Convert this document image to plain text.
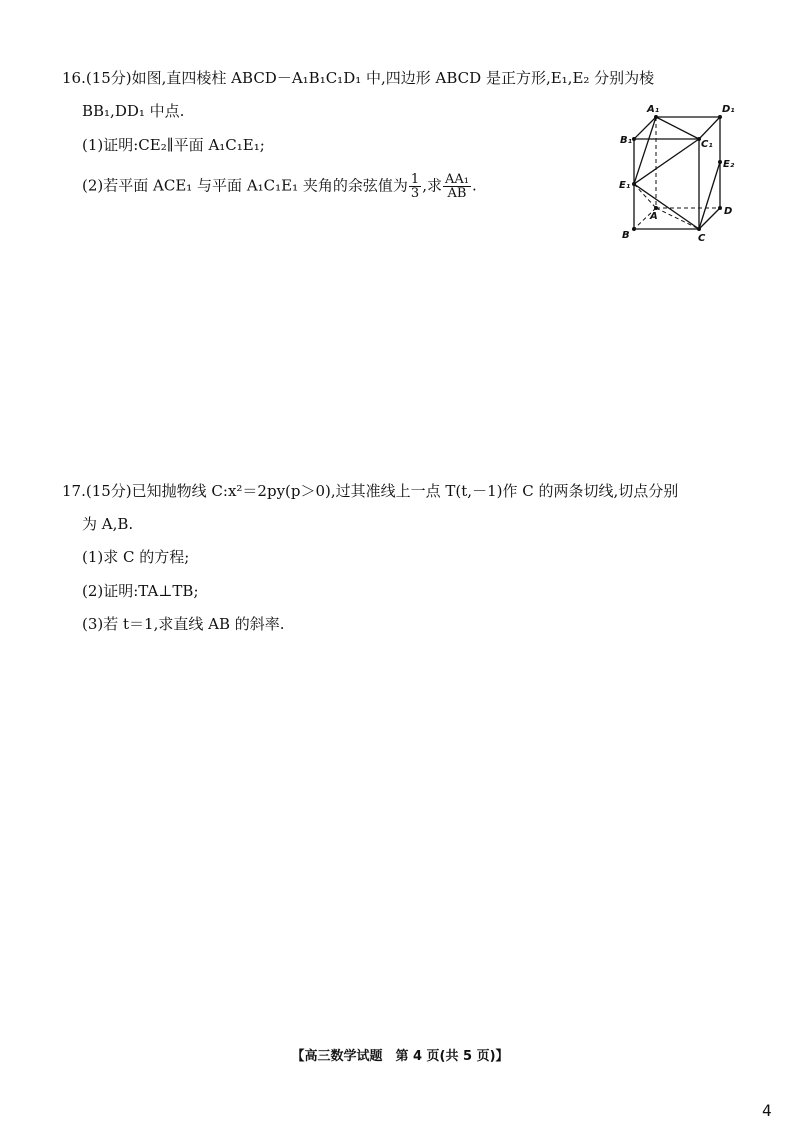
16.(15分)如图,直四棱柱 ABCD－A₁B₁C₁D₁ 中,四边形 ABCD 是正方形,E₁,E₂ 分别为棱
BB₁,DD₁ 中点.
(1)证明:CE₂∥平面 A₁C₁E₁;
(2)若平面 ACE₁ 与平面 A₁C₁E₁ 夹角的余弦值为 $\frac{1}{3}$ ,求 $\frac{\text{AA₁}}{AB}$ .
A₁	D₁
B₁	C₁
E₂
E₁
A	D
B	C
17.(15分)已知抛物线 C:x²＝2py(p＞0),过其准线上一点 T(t,－1)作 C 的两条切线,切点分别
为 A,B.
(1)求 C 的方程;
(2)证明:TA⊥TB;
(3)若 t＝1,求直线 AB 的斜率.
【高三数学试题　第 4 页(共 5 页)】
4
